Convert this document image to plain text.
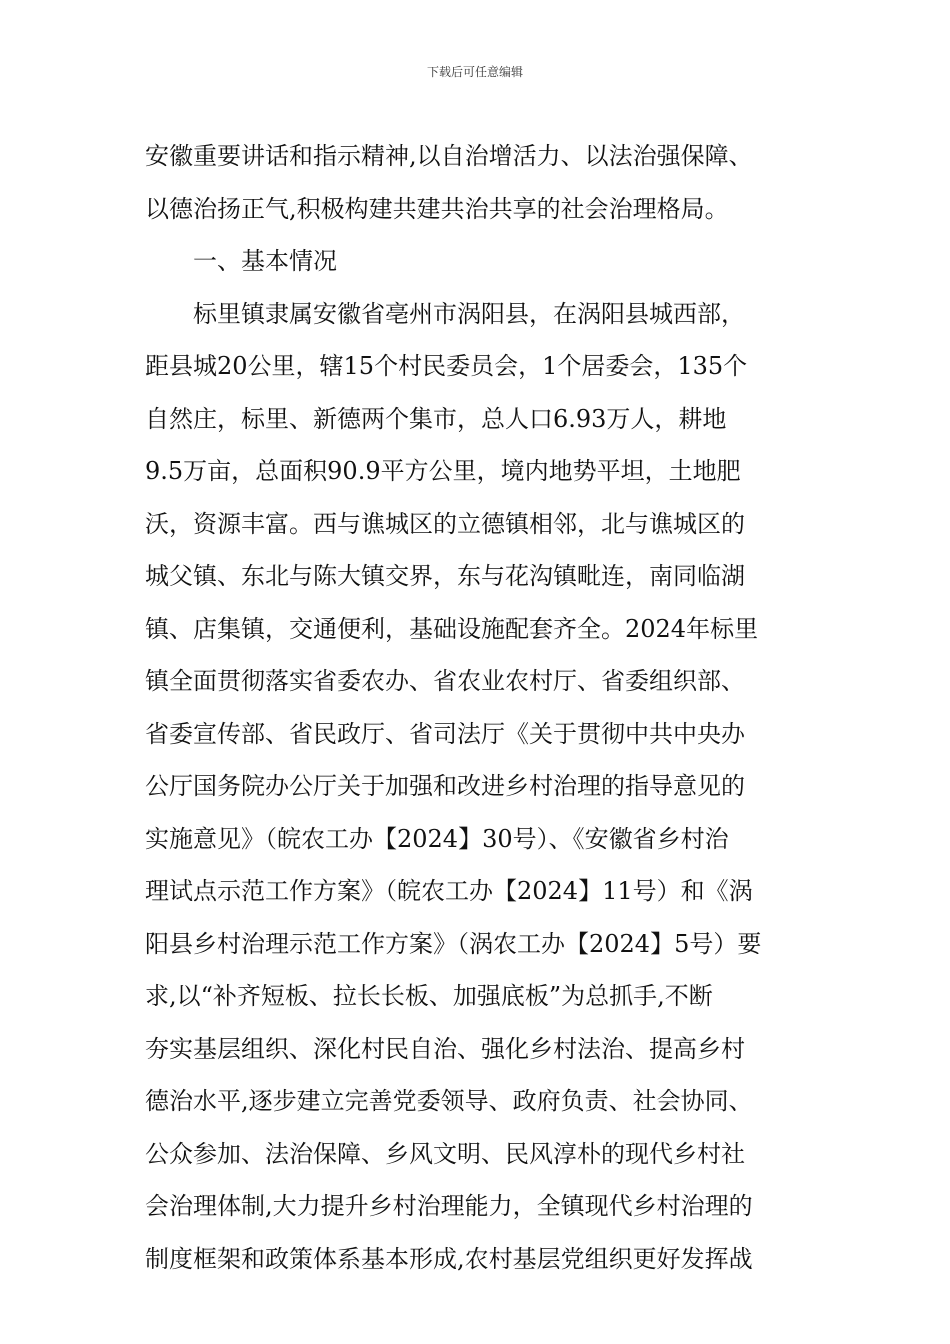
下载后可任意编辑
安徽重要讲话和指示精神,以自治增活力、以法治强保障、
以德治扬正气,积极构建共建共治共享的社会治理格局。
一、基本情况
标里镇隶属安徽省亳州市涡阳县，在涡阳县城西部，
距县城20公里，辖15个村民委员会，1个居委会，135个
自然庄，标里、新德两个集市，总人口6.93万人，耕地
9.5万亩，总面积90.9平方公里，境内地势平坦，土地肥
沃，资源丰富。西与谯城区的立德镇相邻，北与谯城区的
城父镇、东北与陈大镇交界，东与花沟镇毗连，南同临湖
镇、店集镇，交通便利，基础设施配套齐全。2024年标里
镇全面贯彻落实省委农办、省农业农村厅、省委组织部、
省委宣传部、省民政厅、省司法厅《关于贯彻中共中央办
公厅国务院办公厅关于加强和改进乡村治理的指导意见的
实施意见》（皖农工办【2024】30号）、《安徽省乡村治
理试点示范工作方案》（皖农工办【2024】11号）和《涡
阳县乡村治理示范工作方案》（涡农工办【2024】5号）要
求,以“补齐短板、拉长长板、加强底板”为总抓手,不断
夯实基层组织、深化村民自治、强化乡村法治、提高乡村
德治水平,逐步建立完善党委领导、政府负责、社会协同、
公众参加、法治保障、乡风文明、民风淳朴的现代乡村社
会治理体制,大力提升乡村治理能力，全镇现代乡村治理的
制度框架和政策体系基本形成,农村基层党组织更好发挥战
